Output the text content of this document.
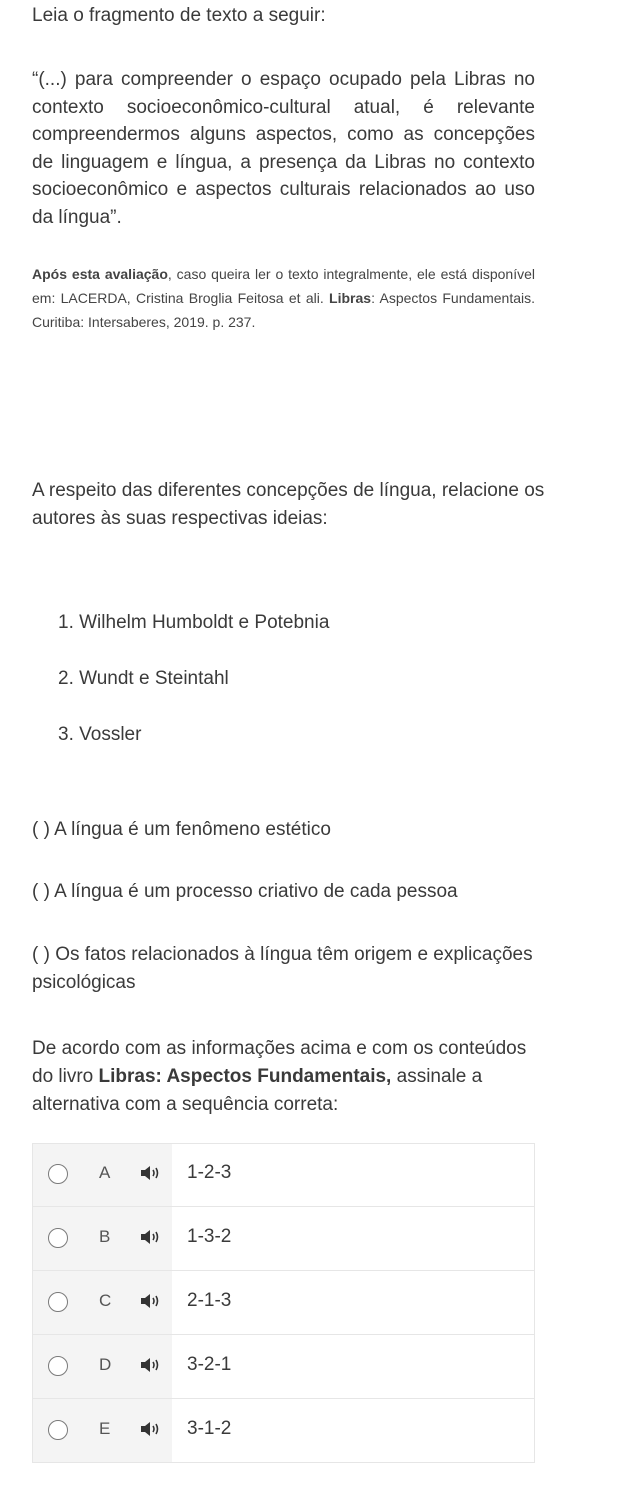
Leia o fragmento de texto a seguir:
“(...) para compreender o espaço ocupado pela Libras no contexto socioeconômico-cultural atual, é relevante compreendermos alguns aspectos, como as concepções de linguagem e língua, a presença da Libras no contexto socioeconômico e aspectos culturais relacionados ao uso da língua”.
Após esta avaliação, caso queira ler o texto integralmente, ele está disponível em: LACERDA, Cristina Broglia Feitosa et ali. Libras: Aspectos Fundamentais. Curitiba: Intersaberes, 2019. p. 237.
A respeito das diferentes concepções de língua, relacione os autores às suas respectivas ideias:
1. Wilhelm Humboldt e Potebnia
2. Wundt e Steintahl
3. Vossler
( ) A língua é um fenômeno estético
( ) A língua é um processo criativo de cada pessoa
( ) Os fatos relacionados à língua têm origem e explicações psicológicas
De acordo com as informações acima e com os conteúdos do livro Libras: Aspectos Fundamentais, assinale a alternativa com a sequência correta:
A	1-2-3
B	1-3-2
C	2-1-3
D	3-2-1
E	3-1-2
